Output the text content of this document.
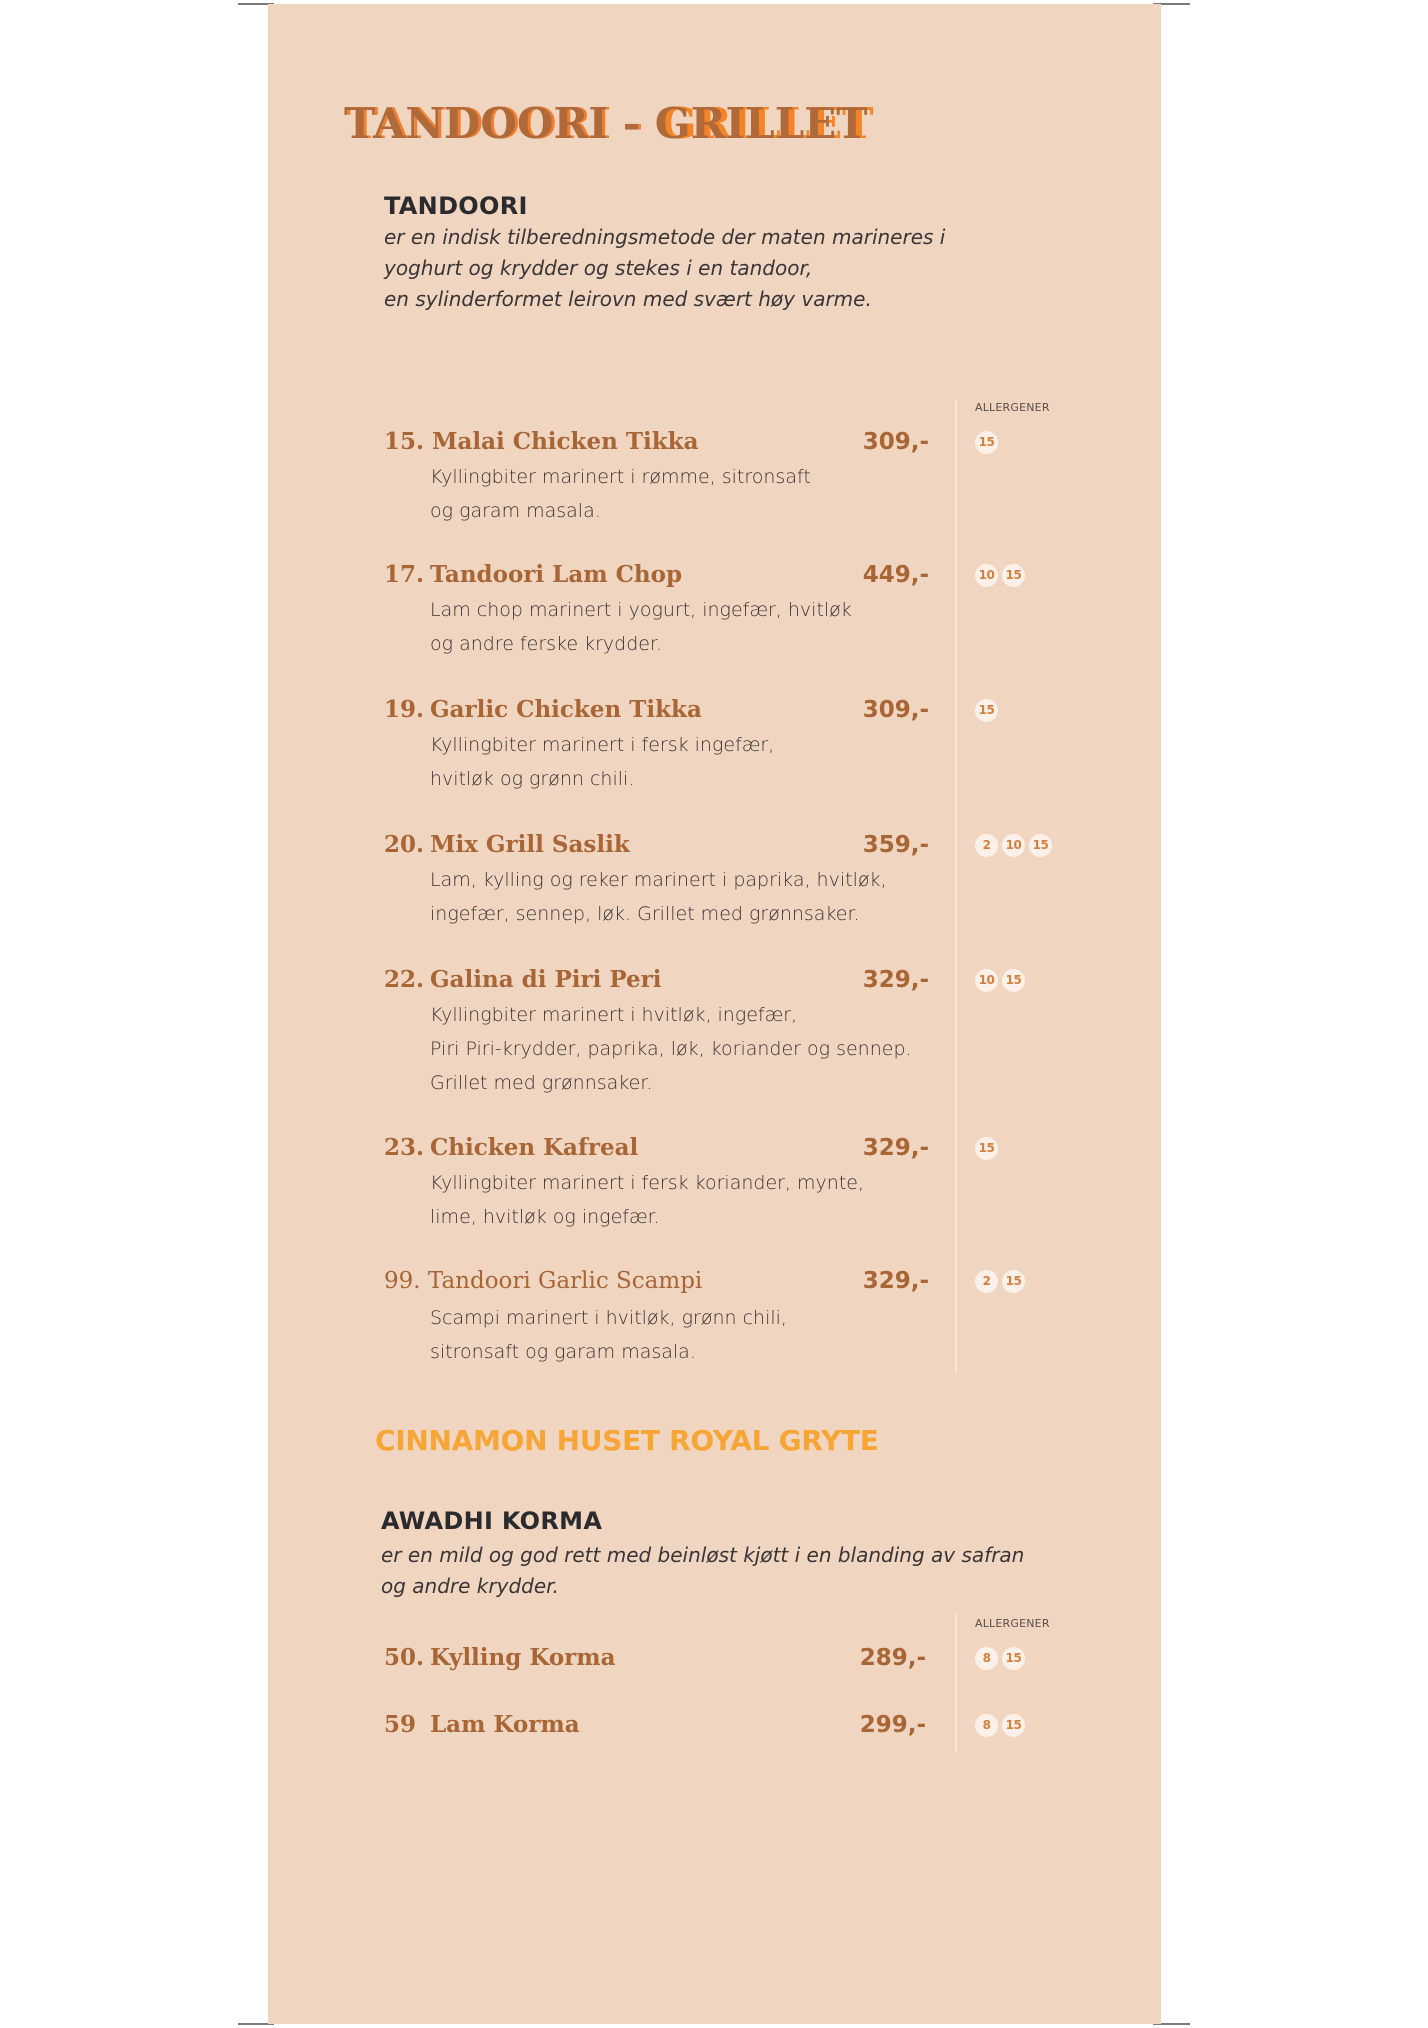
TANDOORI - GRILLET
TANDOORI
er en indisk tilberedningsmetode der maten marineres i
yoghurt og krydder og stekes i en tandoor,
en sylinderformet leirovn med svært høy varme.
ALLERGENER
15. Malai Chicken Tikka	309,-
Kyllingbiter marinert i rømme, sitronsaft
og garam masala.
15
17. Tandoori Lam Chop	449,-
Lam chop marinert i yogurt, ingefær, hvitløk
og andre ferske krydder.
10 15
19. Garlic Chicken Tikka	309,-
Kyllingbiter marinert i fersk ingefær,
hvitløk og grønn chili.
15
20. Mix Grill Saslik	359,-
Lam, kylling og reker marinert i paprika, hvitløk,
ingefær, sennep, løk. Grillet med grønnsaker.
2	10 15
22. Galina di Piri Peri	329,-
Kyllingbiter marinert i hvitløk, ingefær,
Piri Piri-krydder, paprika, løk, koriander og sennep.
Grillet med grønnsaker.
10 15
23. Chicken Kafreal	329,-
Kyllingbiter marinert i fersk koriander, mynte,
lime, hvitløk og ingefær.
15
99. Tandoori Garlic Scampi	329,-
Scampi marinert i hvitløk, grønn chili,
sitronsaft og garam masala.
2	15
CINNAMON HUSET ROYAL GRYTE
AWADHI KORMA
er en mild og god rett med beinløst kjøtt i en blanding av safran
og andre krydder.
ALLERGENER
50. Kylling Korma	289,-	8	15
59 Lam Korma	299,-	8	15
